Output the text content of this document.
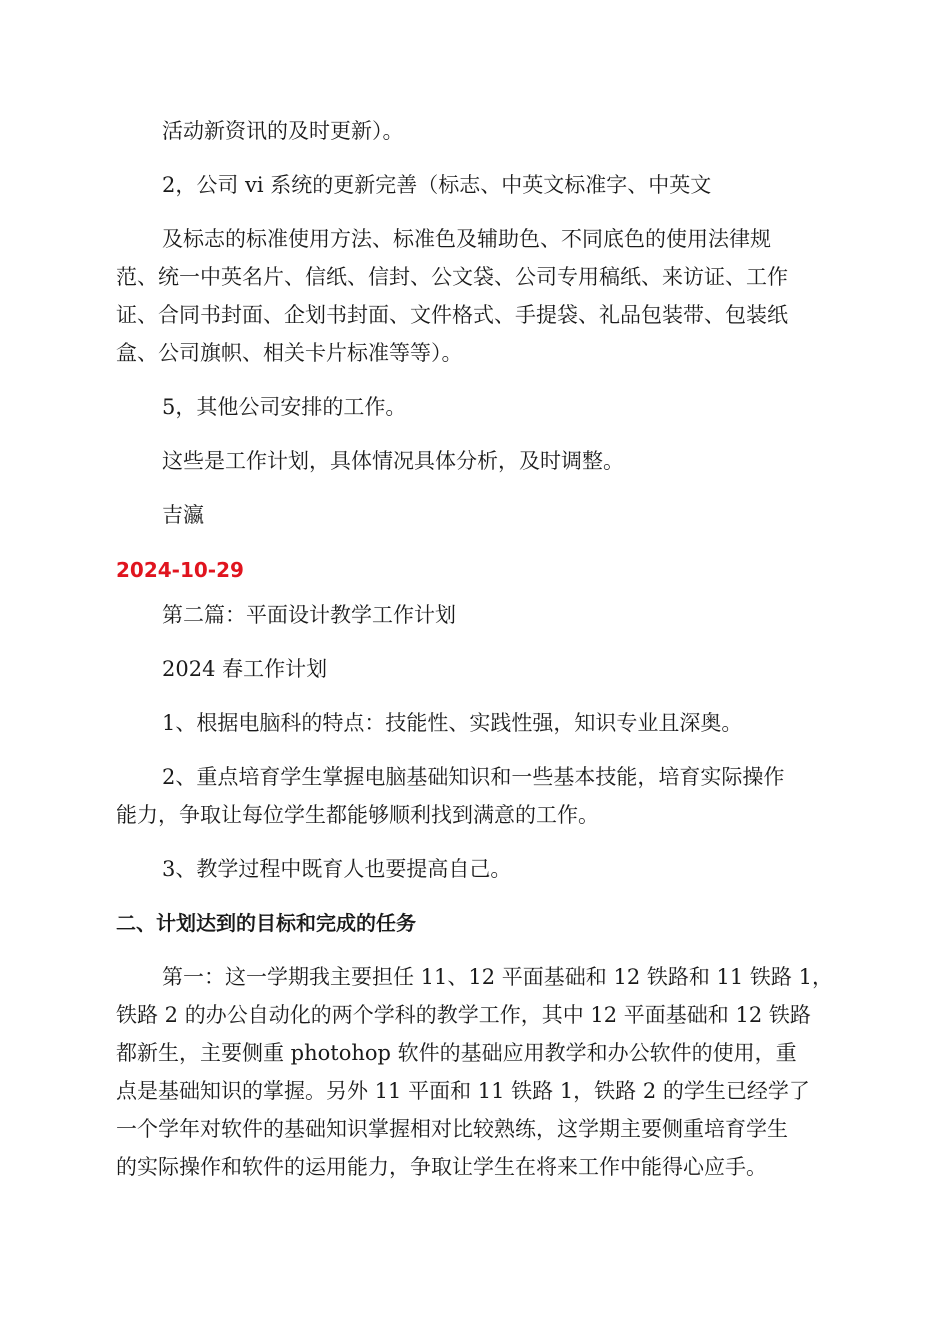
活动新资讯的及时更新）。
2，公司 vi 系统的更新完善（标志、中英文标准字、中英文
及标志的标准使用方法、标准色及辅助色、不同底色的使用法律规
范、统一中英名片、信纸、信封、公文袋、公司专用稿纸、来访证、工作
证、合同书封面、企划书封面、文件格式、手提袋、礼品包装带、包装纸
盒、公司旗帜、相关卡片标准等等）。
5，其他公司安排的工作。
这些是工作计划，具体情况具体分析，及时调整。
吉瀛
2024-10-29
第二篇：平面设计教学工作计划
2024 春工作计划
1、根据电脑科的特点：技能性、实践性强，知识专业且深奥。
2、重点培育学生掌握电脑基础知识和一些基本技能，培育实际操作
能力，争取让每位学生都能够顺利找到满意的工作。
3、教学过程中既育人也要提高自己。
二、计划达到的目标和完成的任务
第一：这一学期我主要担任 11、12 平面基础和 12 铁路和 11 铁路 1，
铁路 2 的办公自动化的两个学科的教学工作，其中 12 平面基础和 12 铁路
都新生，主要侧重 photohop 软件的基础应用教学和办公软件的使用，重
点是基础知识的掌握。另外 11 平面和 11 铁路 1，铁路 2 的学生已经学了
一个学年对软件的基础知识掌握相对比较熟练，这学期主要侧重培育学生
的实际操作和软件的运用能力，争取让学生在将来工作中能得心应手。
